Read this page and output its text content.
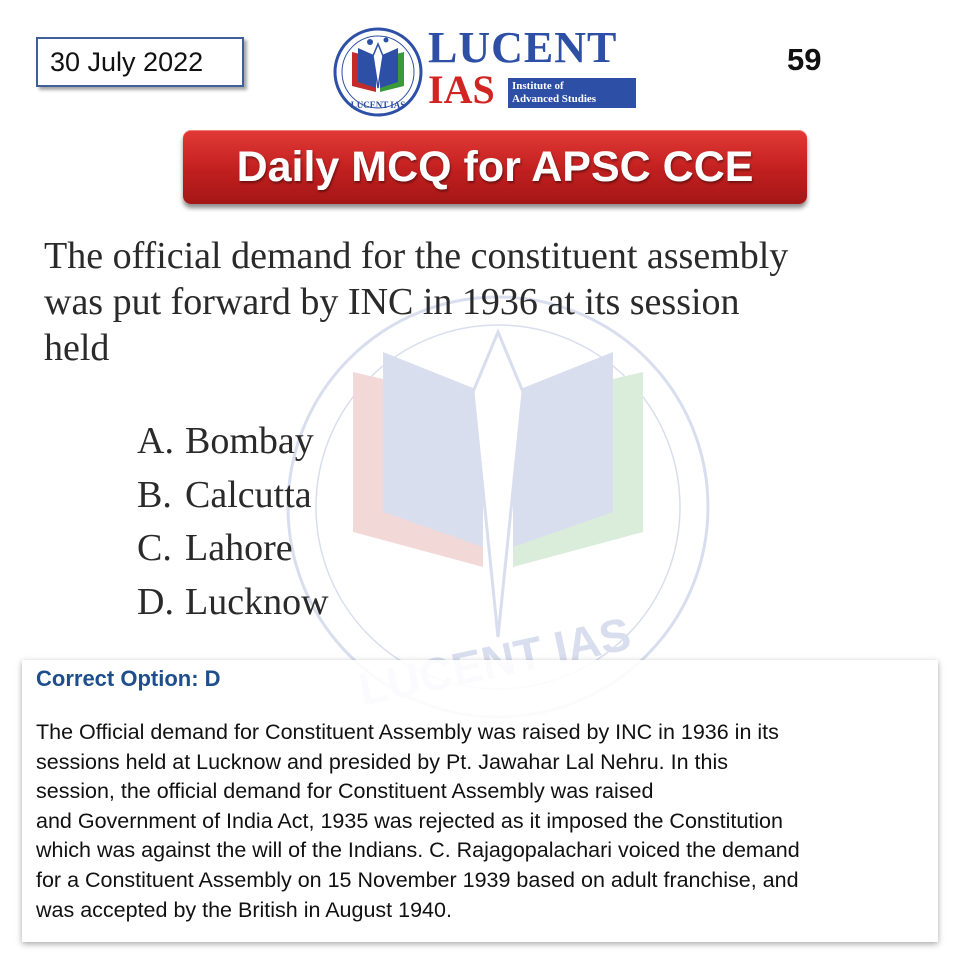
30 July 2022
LUCENT IAS
LUCENT
IAS Institute of
Advanced Studies
59
Daily MCQ for APSC CCE
The official demand for the constituent assembly
was put forward by INC in 1936 at its session
held
A. Bombay
B. Calcutta
C. Lahore
D. Lucknow

Correct Option: D

The Official demand for Constituent Assembly was raised by INC in 1936 in its
sessions held at Lucknow and presided by Pt. Jawahar Lal Nehru. In this
session, the official demand for Constituent Assembly was raised
and Government of India Act, 1935 was rejected as it imposed the Constitution
which was against the will of the Indians. C. Rajagopalachari voiced the demand
for a Constituent Assembly on 15 November 1939 based on adult franchise, and
was accepted by the British in August 1940.
